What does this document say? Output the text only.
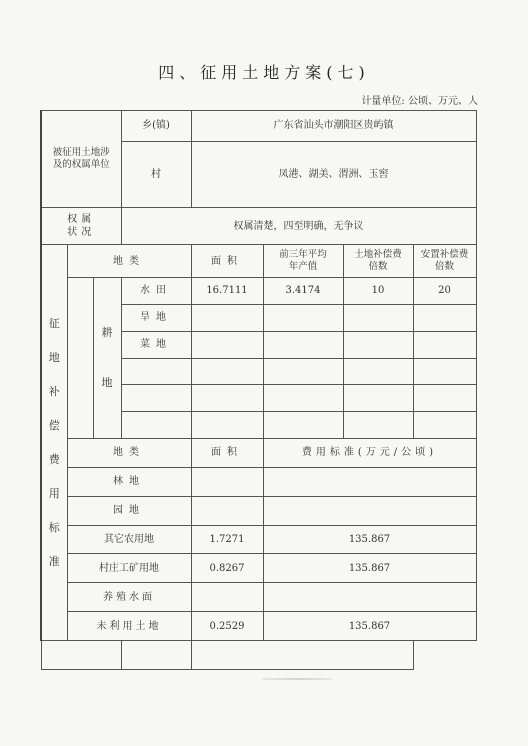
四、征用土地方案(七)
计量单位: 公顷、万元、人
被征用土地涉及的权属单位			乡(镇)	广东省汕头市潮阳区贵屿镇			
			村	凤港、湖美、渭洲、玉窖			
权属状况			权属清楚，四至明确，无争议				
征地补偿费用标准	地类			面积	前三年平均年产值	土地补偿费倍数	安置补偿费倍数
		耕地	水田	16.7111	3.4174	10	20
			旱地				
			菜地				

	地类			面积	费用标准(万元/公顷)		
	林地						
	园地						
	其它农用地			1.7271	135.867		
	村庄工矿用地			0.8267	135.867		
	养殖水面						
	未利用土地			0.2529	135.867		
